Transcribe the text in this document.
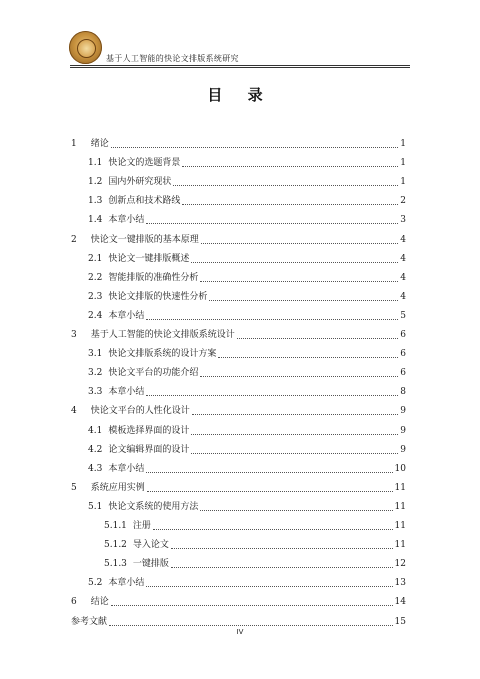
基于人工智能的快论文排版系统研究
目 录
1 绪论	1
1.1 快论文的选题背景	1
1.2 国内外研究现状	1
1.3 创新点和技术路线	2
1.4 本章小结	3
2 快论文一键排版的基本原理	4
2.1 快论文一键排版概述	4
2.2 智能排版的准确性分析	4
2.3 快论文排版的快速性分析	4
2.4 本章小结	5
3 基于人工智能的快论文排版系统设计	6
3.1 快论文排版系统的设计方案	6
3.2 快论文平台的功能介绍	6
3.3 本章小结	8
4 快论文平台的人性化设计	9
4.1 模板选择界面的设计	9
4.2 论文编辑界面的设计	9
4.3 本章小结	10
5 系统应用实例	11
5.1 快论文系统的使用方法	11
5.1.1 注册	11
5.1.2 导入论文	11
5.1.3 一键排版	12
5.2 本章小结	13
6 结论	14
参考文献	15
IV
